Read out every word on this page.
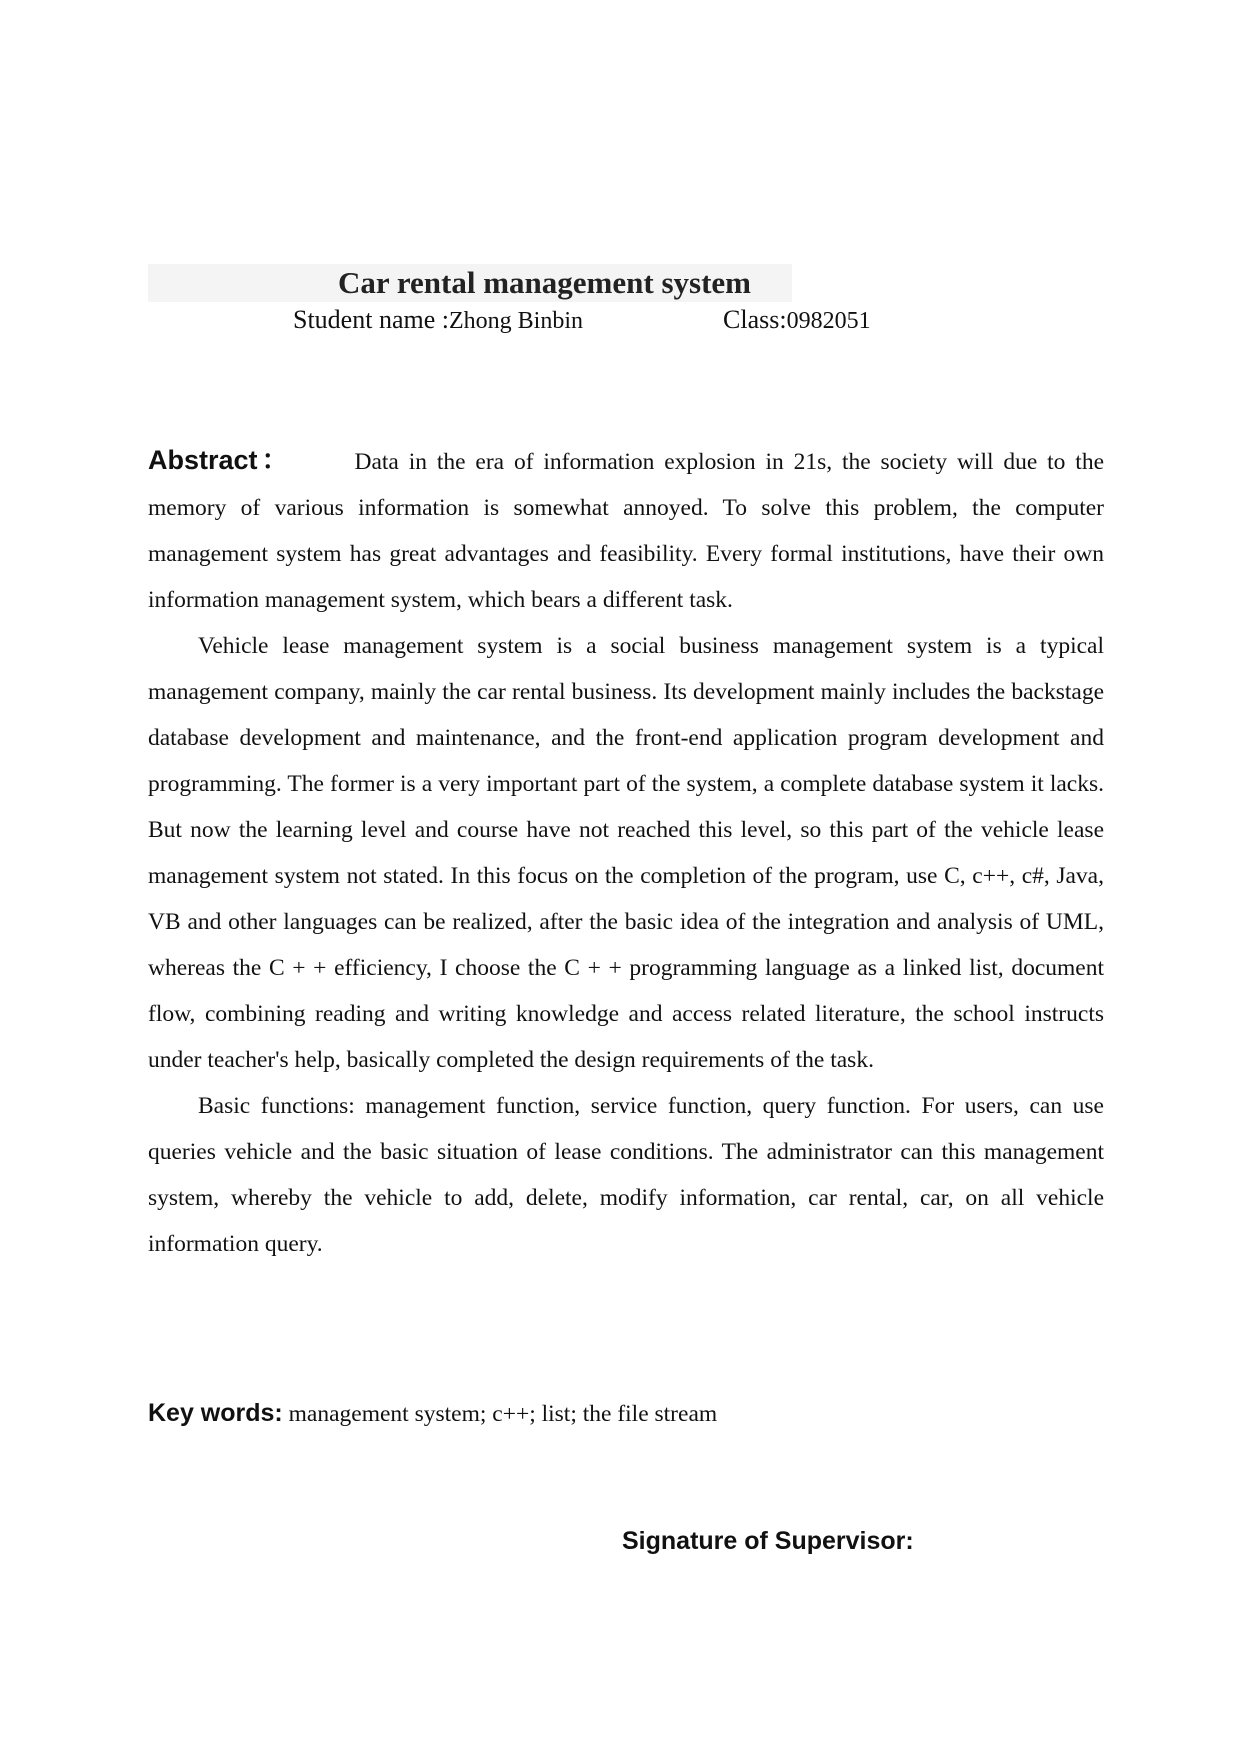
Car rental management system
Student name :Zhong Binbin	Class:0982051

Abstract：	Data in the era of information explosion in 21s, the society will due to the memory of various information is somewhat annoyed. To solve this problem, the computer management system has great advantages and feasibility. Every formal institutions, have their own information management system, which bears a different task.

Vehicle lease management system is a social business management system is a typical management company, mainly the car rental business. Its development mainly includes the backstage database development and maintenance, and the front-end application program development and programming. The former is a very important part of the system, a complete database system it lacks. But now the learning level and course have not reached this level, so this part of the vehicle lease management system not stated. In this focus on the completion of the program, use C, c++, c#, Java, VB and other languages can be realized, after the basic idea of the integration and analysis of UML, whereas the C + + efficiency, I choose the C + + programming language as a linked list, document flow, combining reading and writing knowledge and access related literature, the school instructs under teacher's help, basically completed the design requirements of the task.

Basic functions: management function, service function, query function. For users, can use queries vehicle and the basic situation of lease conditions. The administrator can this management system, whereby the vehicle to add, delete, modify information, car rental, car, on all vehicle information query.

Key words: management system; c++; list; the file stream
Signature of Supervisor:
